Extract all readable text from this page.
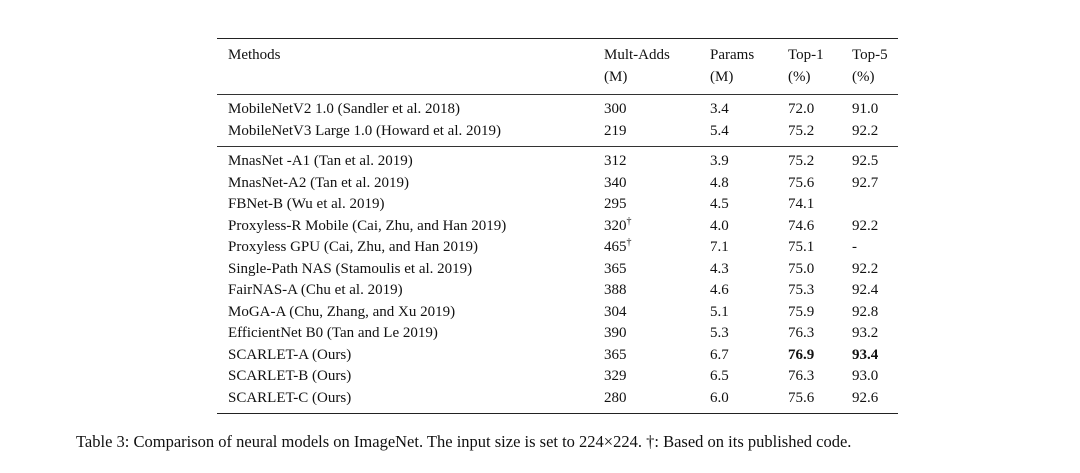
Methods	Mult-Adds	Params	Top-1	Top-5
	(M)	(M)	(%)	(%)
MobileNetV2 1.0 (Sandler et al. 2018)	300	3.4	72.0	91.0
MobileNetV3 Large 1.0 (Howard et al. 2019)	219	5.4	75.2	92.2
MnasNet -A1 (Tan et al. 2019)	312	3.9	75.2	92.5
MnasNet-A2 (Tan et al. 2019)	340	4.8	75.6	92.7
FBNet-B (Wu et al. 2019)	295	4.5	74.1	
Proxyless-R Mobile (Cai, Zhu, and Han 2019)	320†	4.0	74.6	92.2
Proxyless GPU (Cai, Zhu, and Han 2019)	465†	7.1	75.1	-
Single-Path NAS (Stamoulis et al. 2019)	365	4.3	75.0	92.2
FairNAS-A (Chu et al. 2019)	388	4.6	75.3	92.4
MoGA-A (Chu, Zhang, and Xu 2019)	304	5.1	75.9	92.8
EfficientNet B0 (Tan and Le 2019)	390	5.3	76.3	93.2
SCARLET-A (Ours)	365	6.7	76.9	93.4
SCARLET-B (Ours)	329	6.5	76.3	93.0
SCARLET-C (Ours)	280	6.0	75.6	92.6
Table 3: Comparison of neural models on ImageNet. The input size is set to 224×224. †: Based on its published code.
